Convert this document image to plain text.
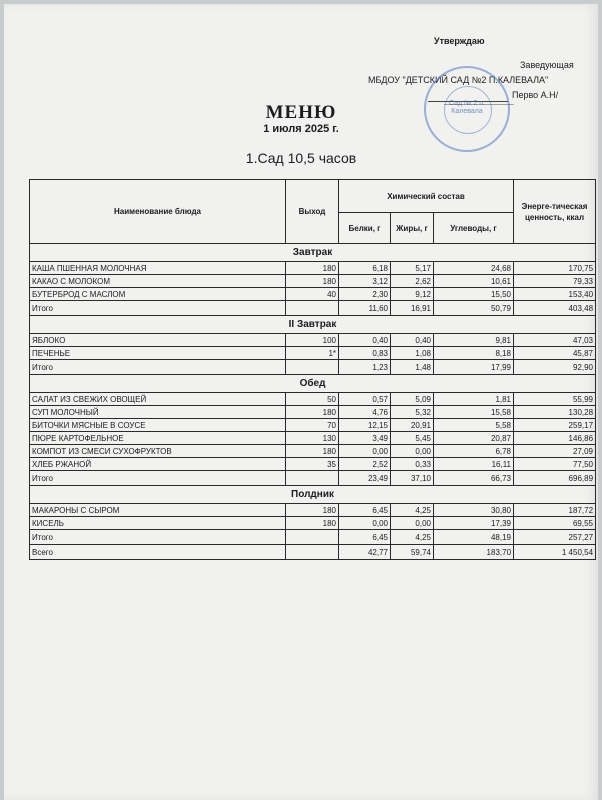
Утверждаю
Заведующая
МБДОУ "ДЕТСКИЙ САД №2 П.КАЛЕВАЛА"
Перво А.Н/
Сад № 2 п. Калевала
МЕНЮ
1 июля 2025 г.
1.Сад 10,5 часов
Наименование блюда	Выход	Химический состав			Энерге-тическая ценность, ккал
		Белки, г	Жиры, г	Углеводы, г	
Завтрак					
КАША ПШЕННАЯ МОЛОЧНАЯ	180	6,18	5,17	24,68	170,75
КАКАО С МОЛОКОМ	180	3,12	2,62	10,61	79,33
БУТЕРБРОД С МАСЛОМ	40	2,30	9,12	15,50	153,40
Итого		11,60	16,91	50,79	403,48
II Завтрак					
ЯБЛОКО	100	0,40	0,40	9,81	47,03
ПЕЧЕНЬЕ	1*	0,83	1,08	8,18	45,87
Итого		1,23	1,48	17,99	92,90
Обед					
САЛАТ ИЗ СВЕЖИХ ОВОЩЕЙ	50	0,57	5,09	1,81	55,99
СУП МОЛОЧНЫЙ	180	4,76	5,32	15,58	130,28
БИТОЧКИ МЯСНЫЕ В СОУСЕ	70	12,15	20,91	5,58	259,17
ПЮРЕ КАРТОФЕЛЬНОЕ	130	3,49	5,45	20,87	146,86
КОМПОТ ИЗ СМЕСИ СУХОФРУКТОВ	180	0,00	0,00	6,78	27,09
ХЛЕБ РЖАНОЙ	35	2,52	0,33	16,11	77,50
Итого		23,49	37,10	66,73	696,89
Полдник					
МАКАРОНЫ С СЫРОМ	180	6,45	4,25	30,80	187,72
КИСЕЛЬ	180	0,00	0,00	17,39	69,55
Итого		6,45	4,25	48,19	257,27
Всего		42,77	59,74	183,70	1 450,54
